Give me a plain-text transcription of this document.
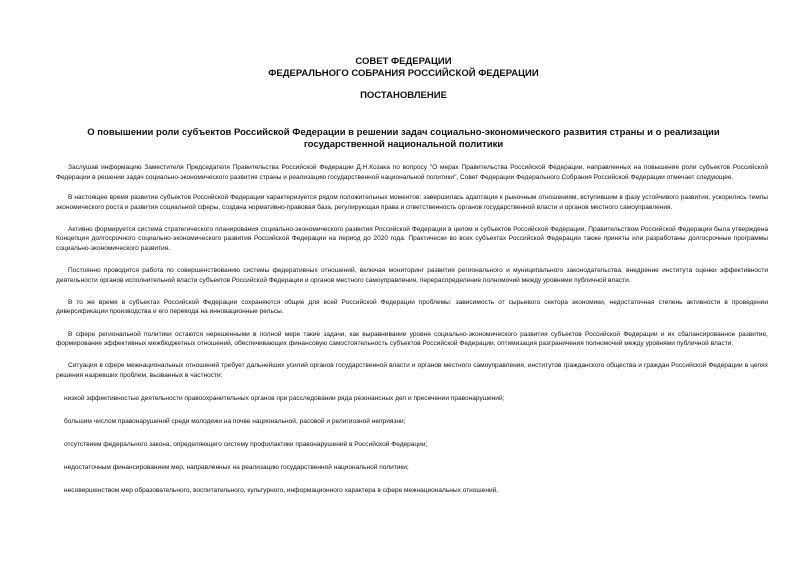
СОВЕТ ФЕДЕРАЦИИ
ФЕДЕРАЛЬНОГО СОБРАНИЯ РОССИЙСКОЙ ФЕДЕРАЦИИ
ПОСТАНОВЛЕНИЕ
О повышении роли субъектов Российской Федерации в решении задач социально-экономического развития страны и о реализации государственной национальной политики

Заслушав информацию Заместителя Председателя Правительства Российской Федерации Д.Н.Козака по вопросу "О мерах Правительства Российской Федерации, направленных на повышение роли субъектов Российской Федерации в решении задач социально-экономического развития страны и реализацию государственной национальной политики", Совет Федерации Федерального Собрания Российской Федерации отмечает следующее.

В настоящее время развитие субъектов Российской Федерации характеризуется рядом положительных моментов: завершилась адаптация к рыночным отношениям, вступившим в фазу устойчивого развития, ускорились темпы экономического роста и развития социальной сферы, создана нормативно-правовая база, регулирующая права и ответственность органов государственной власти и органов местного самоуправления.

Активно формируется система стратегического планирования социально-экономического развития Российской Федерации в целом и субъектов Российской Федерации. Правительством Российской Федерации была утверждена Концепция долгосрочного социально-экономического развития Российской Федерации на период до 2020 года. Практически во всех субъектах Российской Федерации также приняты или разработаны долгосрочные программы социально-экономического развития.

Постоянно проводится работа по совершенствованию системы федеративных отношений, включая мониторинг развития регионального и муниципального законодательства, внедрение института оценки эффективности деятельности органов исполнительной власти субъектов Российской Федерации и органов местного самоуправления, перераспределение полномочий между уровнями публичной власти.

В то же время в субъектах Российской Федерации сохраняются общие для всей Российской Федерации проблемы: зависимость от сырьевого сектора экономики, недостаточная степень активности в проведении диверсификации производства и его перевода на инновационные рельсы.

В сфере региональной политики остаются нерешенными в полной мере такие задачи, как выравнивание уровня социально-экономического развития субъектов Российской Федерации и их сбалансированное развитие, формирование эффективных межбюджетных отношений, обеспечивающих финансовую самостоятельность субъектов Российской Федерации, оптимизация разграничения полномочий между уровнями публичной власти.

Ситуация в сфере межнациональных отношений требует дальнейших усилий органов государственной власти и органов местного самоуправления, институтов гражданского общества и граждан Российской Федерации в целях решения назревших проблем, вызванных в частности:

низкой эффективностью деятельности правоохранительных органов при расследовании ряда резонансных дел и пресечении правонарушений;

большим числом правонарушений среди молодежи на почве национальной, расовой и религиозной неприязни;

отсутствием федерального закона, определяющего систему профилактики правонарушений в Российской Федерации;

недостаточным финансированием мер, направленных на реализацию государственной национальной политики;

несовершенством мер образовательного, воспитательного, культурного, информационного характера в сфере межнациональных отношений.
